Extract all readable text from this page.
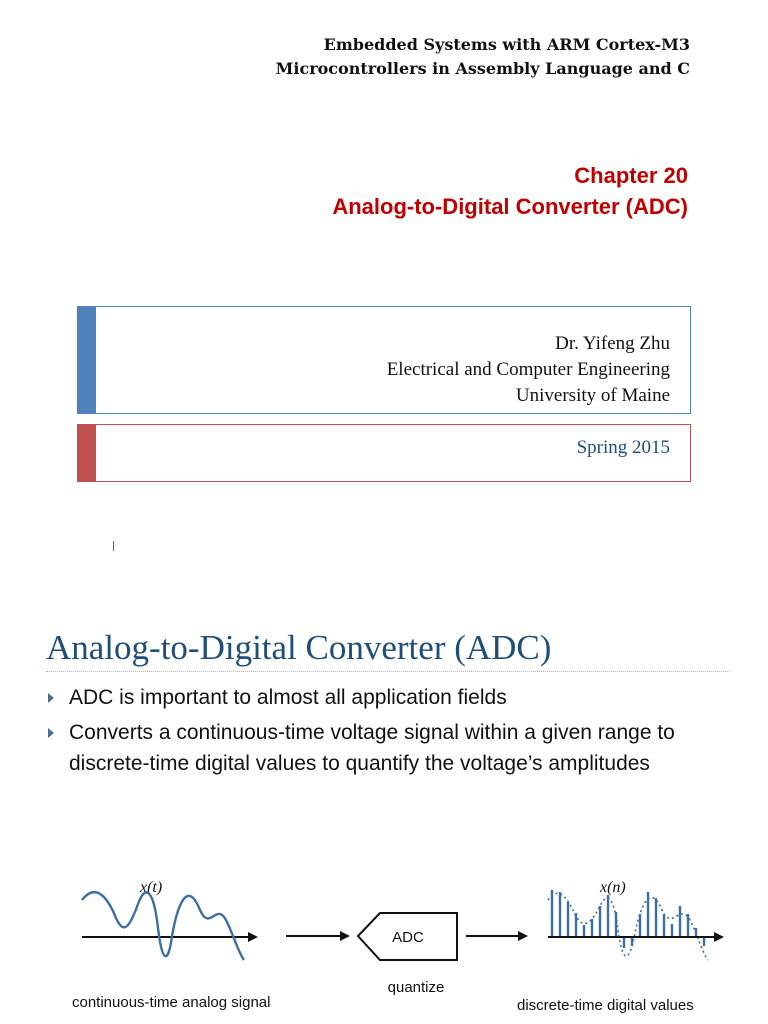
Embedded Systems with ARM Cortex-M3
Microcontrollers in Assembly Language and C
Chapter 20
Analog-to-Digital Converter (ADC)
Dr. Yifeng Zhu
Electrical and Computer Engineering
University of Maine
Spring 2015
Analog-to-Digital Converter (ADC)
ADC is important to almost all application fields
Converts a continuous-time voltage signal within a given range to discrete-time digital values to quantify the voltage’s amplitudes
x(t)
continuous-time analog signal
ADC
quantize
x(n)
discrete-time digital values
